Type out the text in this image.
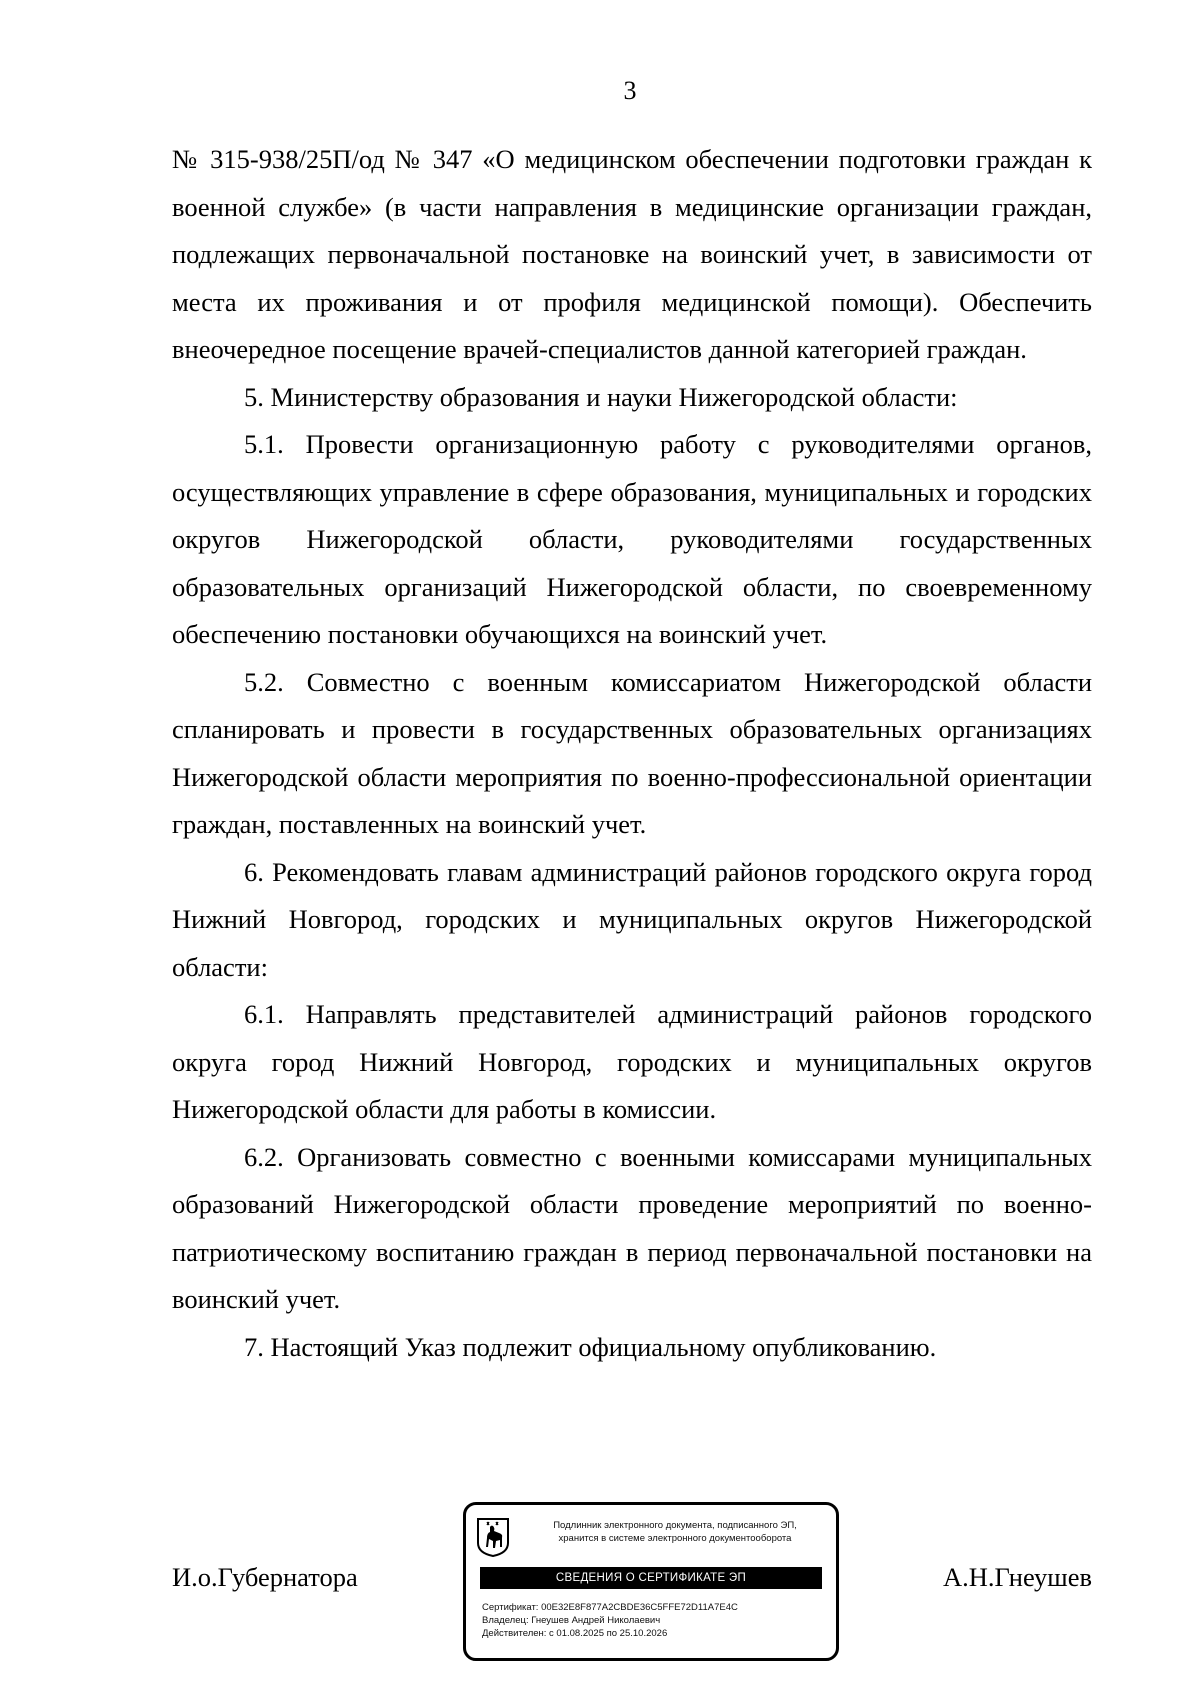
3

№ 315-938/25П/од № 347 «О медицинском обеспечении подготовки граждан к военной службе» (в части направления в медицинские организации граждан, подлежащих первоначальной постановке на воинский учет, в зависимости от места их проживания и от профиля медицинской помощи). Обеспечить внеочередное посещение врачей-специалистов данной категорией граждан.

5. Министерству образования и науки Нижегородской области:

5.1. Провести организационную работу с руководителями органов, осуществляющих управление в сфере образования, муниципальных и городских округов Нижегородской области, руководителями государственных образовательных организаций Нижегородской области, по своевременному обеспечению постановки обучающихся на воинский учет.

5.2. Совместно с военным комиссариатом Нижегородской области спланировать и провести в государственных образовательных организациях Нижегородской области мероприятия по военно-профессиональной ориентации граждан, поставленных на воинский учет.

6. Рекомендовать главам администраций районов городского округа город Нижний Новгород, городских и муниципальных округов Нижегородской области:

6.1. Направлять представителей администраций районов городского округа город Нижний Новгород, городских и муниципальных округов Нижегородской области для работы в комиссии.

6.2. Организовать совместно с военными комиссарами муниципальных образований Нижегородской области проведение мероприятий по военно-патриотическому воспитанию граждан в период первоначальной постановки на воинский учет.

7. Настоящий Указ подлежит официальному опубликованию.

И.о.Губернатора	А.Н.Гнеушев
Подлинник электронного документа, подписанного ЭП,
хранится в системе электронного документооборота
СВЕДЕНИЯ О СЕРТИФИКАТЕ ЭП
Сертификат: 00E32E8F877A2CBDE36C5FFE72D11A7E4C
Владелец: Гнеушев Андрей Николаевич
Действителен: с 01.08.2025 по 25.10.2026
